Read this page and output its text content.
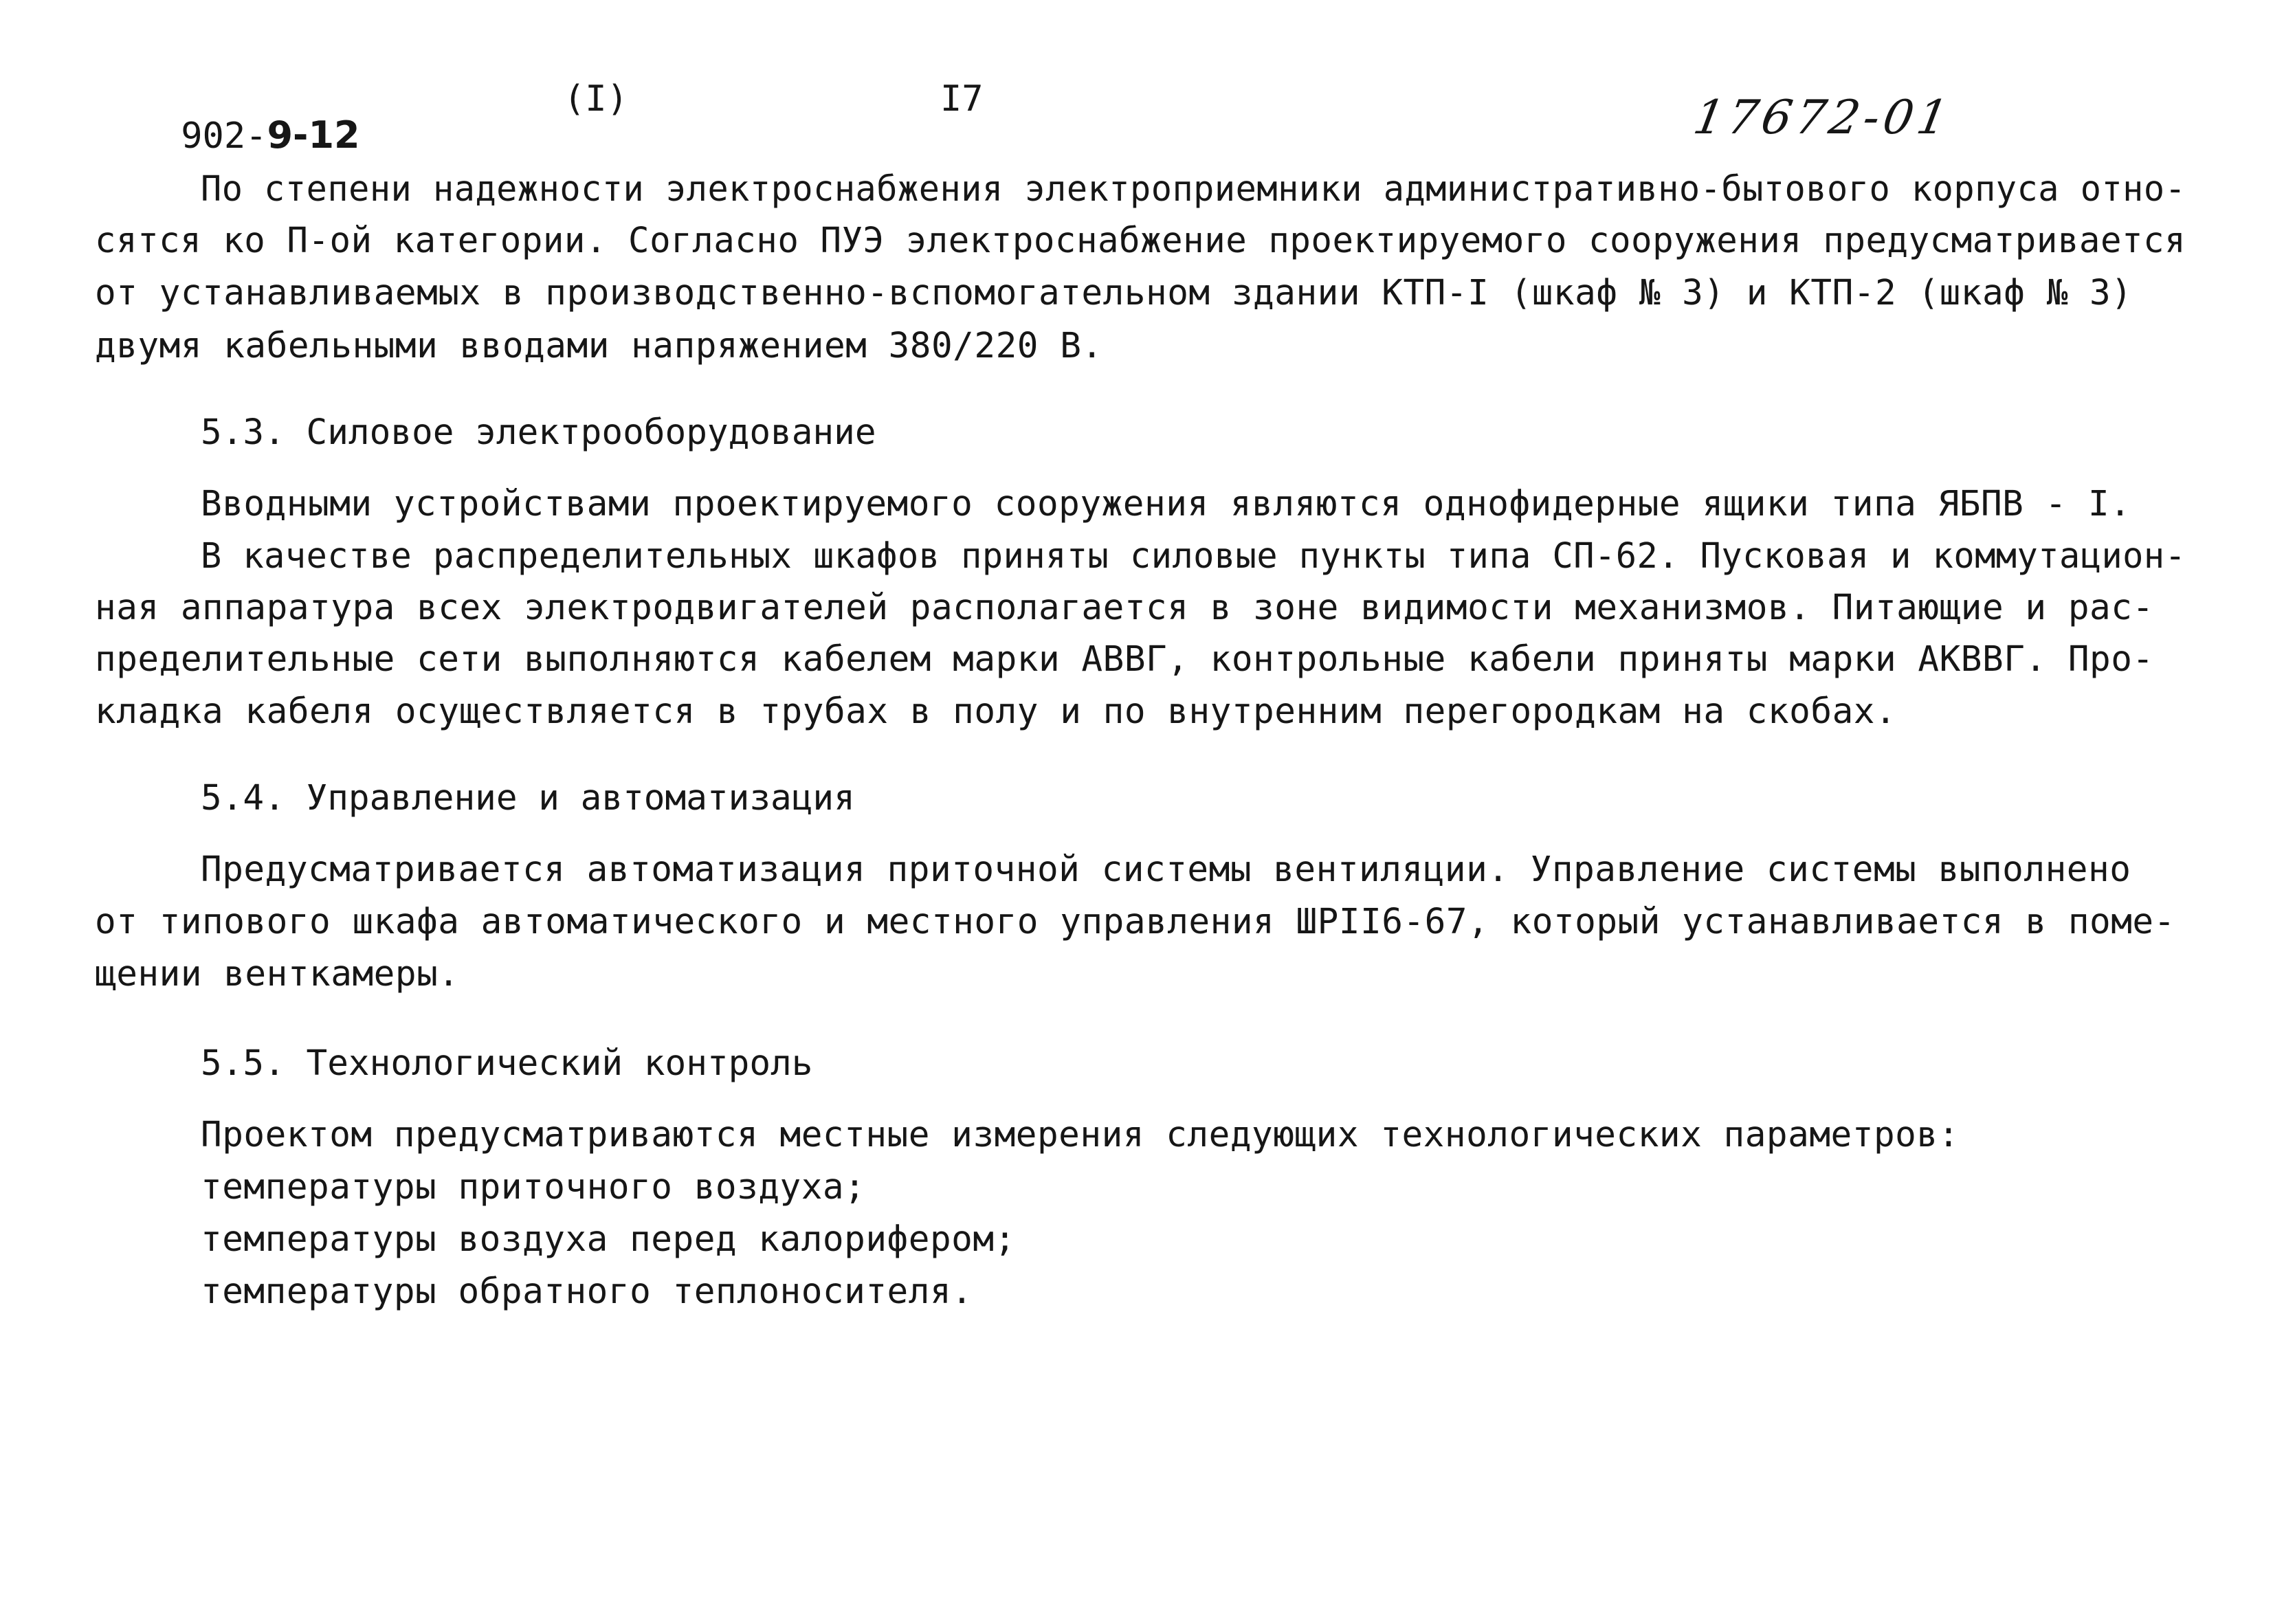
902-9-12

(I)	I7	17672-01
По степени надежности электроснабжения электроприемники административно-бытового корпуса отно-
сятся ко П-ой категории. Согласно ПУЭ электроснабжение проектируемого сооружения предусматривается
от устанавливаемых в производственно-вспомогательном здании КТП-I (шкаф № 3) и КТП-2 (шкаф № 3)
двумя кабельными вводами напряжением 380/220 В.
5.3. Силовое электрооборудование
Вводными устройствами проектируемого сооружения являются однофидерные ящики типа ЯБПВ - I.
В качестве распределительных шкафов приняты силовые пункты типа СП-62. Пусковая и коммутацион-
ная аппаратура всех электродвигателей располагается в зоне видимости механизмов. Питающие и рас-
пределительные сети выполняются кабелем марки АВВГ, контрольные кабели приняты марки АКВВГ. Про-
кладка кабеля осуществляется в трубах в полу и по внутренним перегородкам на скобах.
5.4. Управление и автоматизация
Предусматривается автоматизация приточной системы вентиляции. Управление системы выполнено
от типового шкафа автоматического и местного управления ШРII6-67, который устанавливается в поме-
щении венткамеры.
5.5. Технологический контроль
Проектом предусматриваются местные измерения следующих технологических параметров:
температуры приточного воздуха;
температуры воздуха перед калорифером;
температуры обратного теплоносителя.
